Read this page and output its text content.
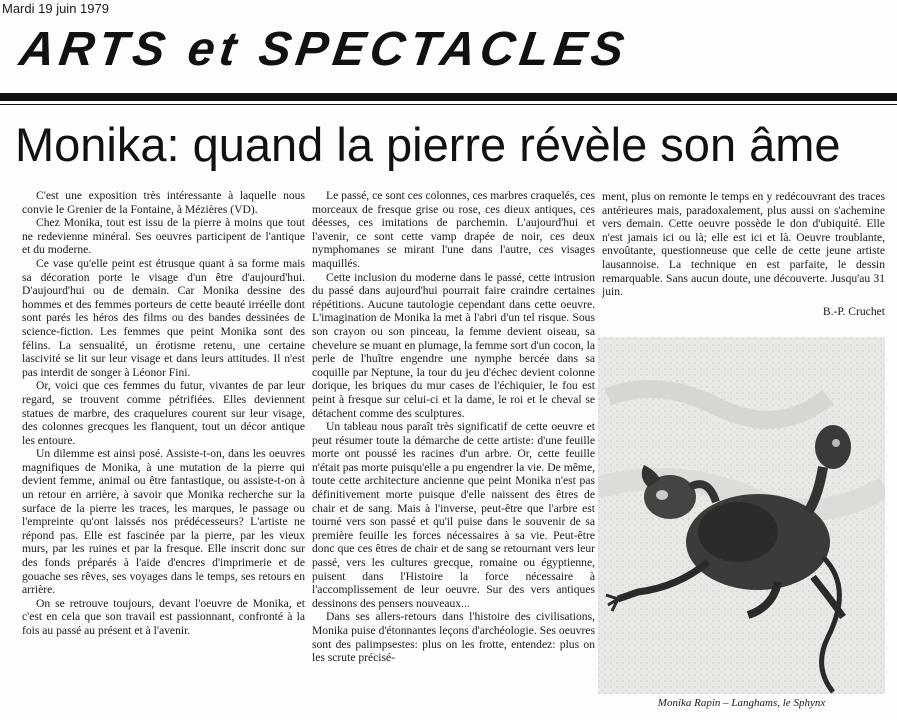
Mardi 19 juin 1979
ARTS et SPECTACLES
Monika: quand la pierre révèle son âme

C'est une exposition très intéressante à laquelle nous convie le Grenier de la Fontaine, à Mézières (VD).

Chez Monika, tout est issu de la pierre à moins que tout ne redevienne minéral. Ses oeuvres participent de l'antique et du moderne.

Ce vase qu'elle peint est étrusque quant à sa forme mais sa décoration porte le visage d'un être d'aujourd'hui. D'aujourd'hui ou de demain. Car Monika dessine des hommes et des femmes porteurs de cette beauté irréelle dont sont parés les héros des films ou des bandes dessinées de science-fiction. Les femmes que peint Monika sont des félins. La sensualité, un érotisme retenu, une certaine lascivité se lit sur leur visage et dans leurs attitudes. Il n'est pas interdit de songer à Léonor Fini.

Or, voici que ces femmes du futur, vivantes de par leur regard, se trouvent comme pétrifiées. Elles deviennent statues de marbre, des craquelures courent sur leur visage, des colonnes grecques les flanquent, tout un décor antique les entoure.

Un dilemme est ainsi posé. Assiste-t-on, dans les oeuvres magnifiques de Monika, à une mutation de la pierre qui devient femme, animal ou être fantastique, ou assiste-t-on à un retour en arrière, à savoir que Monika recherche sur la surface de la pierre les traces, les marques, le passage ou l'empreinte qu'ont laissés nos prédécesseurs? L'artiste ne répond pas. Elle est fascinée par la pierre, par les vieux murs, par les ruines et par la fresque. Elle inscrit donc sur des fonds préparés à l'aide d'encres d'imprimerie et de gouache ses rêves, ses voyages dans le temps, ses retours en arrière.

On se retrouve toujours, devant l'oeuvre de Monika, et c'est en cela que son travail est passionnant, confronté à la fois au passé au présent et à l'avenir.

Le passé, ce sont ces colonnes, ces marbres craquelés, ces morceaux de fresque grise ou rose, ces dieux antiques, ces déesses, ces imitations de parchemin. L'aujourd'hui et l'avenir, ce sont cette vamp drapée de noir, ces deux nymphomanes se mirant l'une dans l'autre, ces visages maquillés.

Cette inclusion du moderne dans le passé, cette intrusion du passé dans aujourd'hui pourrait faire craindre certaines répétitions. Aucune tautologie cependant dans cette oeuvre. L'imagination de Monika la met à l'abri d'un tel risque. Sous son crayon ou son pinceau, la femme devient oiseau, sa chevelure se muant en plumage, la femme sort d'un cocon, la perle de l'huître engendre une nymphe bercée dans sa coquille par Neptune, la tour du jeu d'échec devient colonne dorique, les briques du mur cases de l'échiquier, le fou est peint à fresque sur celui-ci et la dame, le roi et le cheval se détachent comme des sculptures.

Un tableau nous paraît très significatif de cette oeuvre et peut résumer toute la démarche de cette artiste: d'une feuille morte ont poussé les racines d'un arbre. Or, cette feuille n'était pas morte puisqu'elle a pu engendrer la vie. De même, toute cette architecture ancienne que peint Monika n'est pas définitivement morte puisque d'elle naissent des êtres de chair et de sang. Mais à l'inverse, peut-être que l'arbre est tourné vers son passé et qu'il puise dans le souvenir de sa première feuille les forces nécessaires à sa vie. Peut-être donc que ces êtres de chair et de sang se retournant vers leur passé, vers les cultures grecque, romaine ou égyptienne, puisent dans l'Histoire la force nécessaire à l'accomplissement de leur oeuvre. Sur des vers antiques dessinons des pensers nouveaux...

Dans ses allers-retours dans l'histoire des civilisations, Monika puise d'étonnantes leçons d'archéologie. Ses oeuvres sont des palimpsestes: plus on les frotte, entendez: plus on les scrute précisé-

ment, plus on remonte le temps en y redécouvrant des traces antérieures mais, paradoxalement, plus aussi on s'achemine vers demain. Cette oeuvre possède le don d'ubiquité. Elle n'est jamais ici ou là; elle est ici et là. Oeuvre troublante, envoûtante, questionneuse que celle de cette jeune artiste lausannoise. La technique en est parfaite, le dessin remarquable. Sans aucun doute, une découverte. Jusqu'au 31 juin.

B.-P. Cruchet
Monika Rapin – Langhams, le Sphynx
